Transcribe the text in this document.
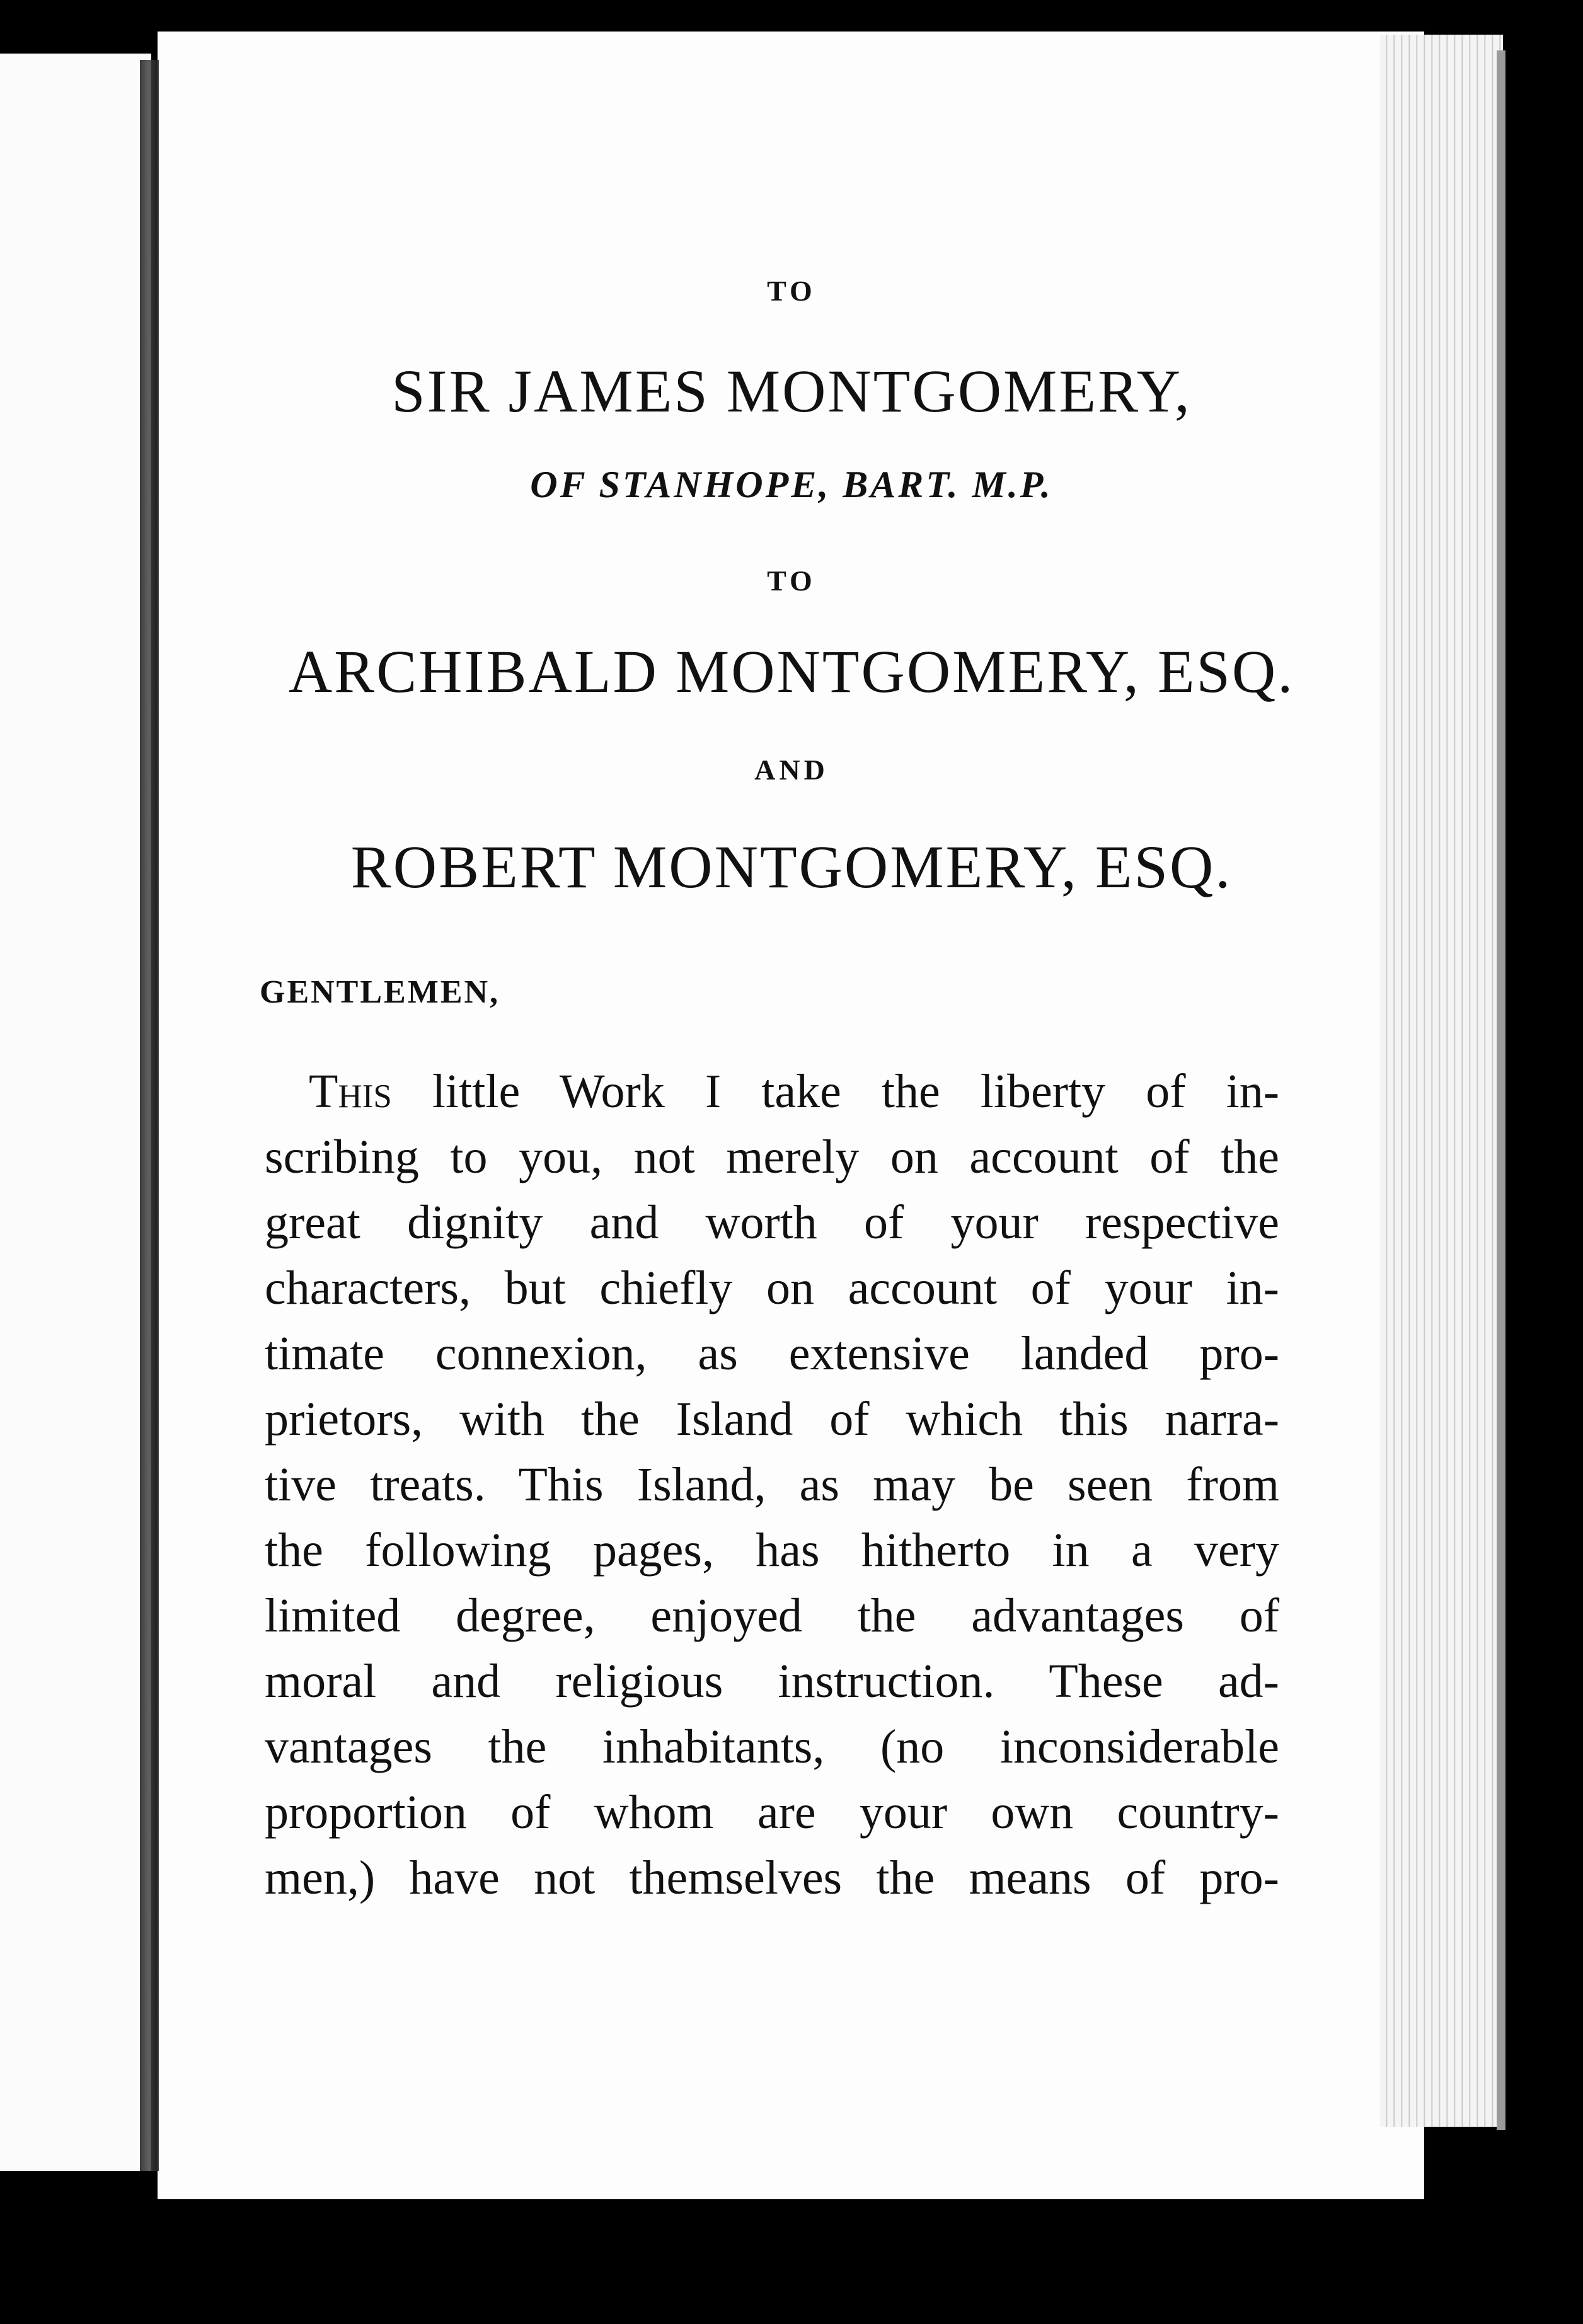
TO
SIR JAMES MONTGOMERY,
OF STANHOPE, BART. M.P.
TO
ARCHIBALD MONTGOMERY, ESQ.
AND
ROBERT MONTGOMERY, ESQ.
GENTLEMEN,
This little Work I take the liberty of in-
scribing to you, not merely on account of the
great dignity and worth of your respective
characters, but chiefly on account of your in-
timate connexion, as extensive landed pro-
prietors, with the Island of which this narra-
tive treats. This Island, as may be seen from
the following pages, has hitherto in a very
limited degree, enjoyed the advantages of
moral and religious instruction. These ad-
vantages the inhabitants, (no inconsiderable
proportion of whom are your own country-
men,) have not themselves the means of pro-
